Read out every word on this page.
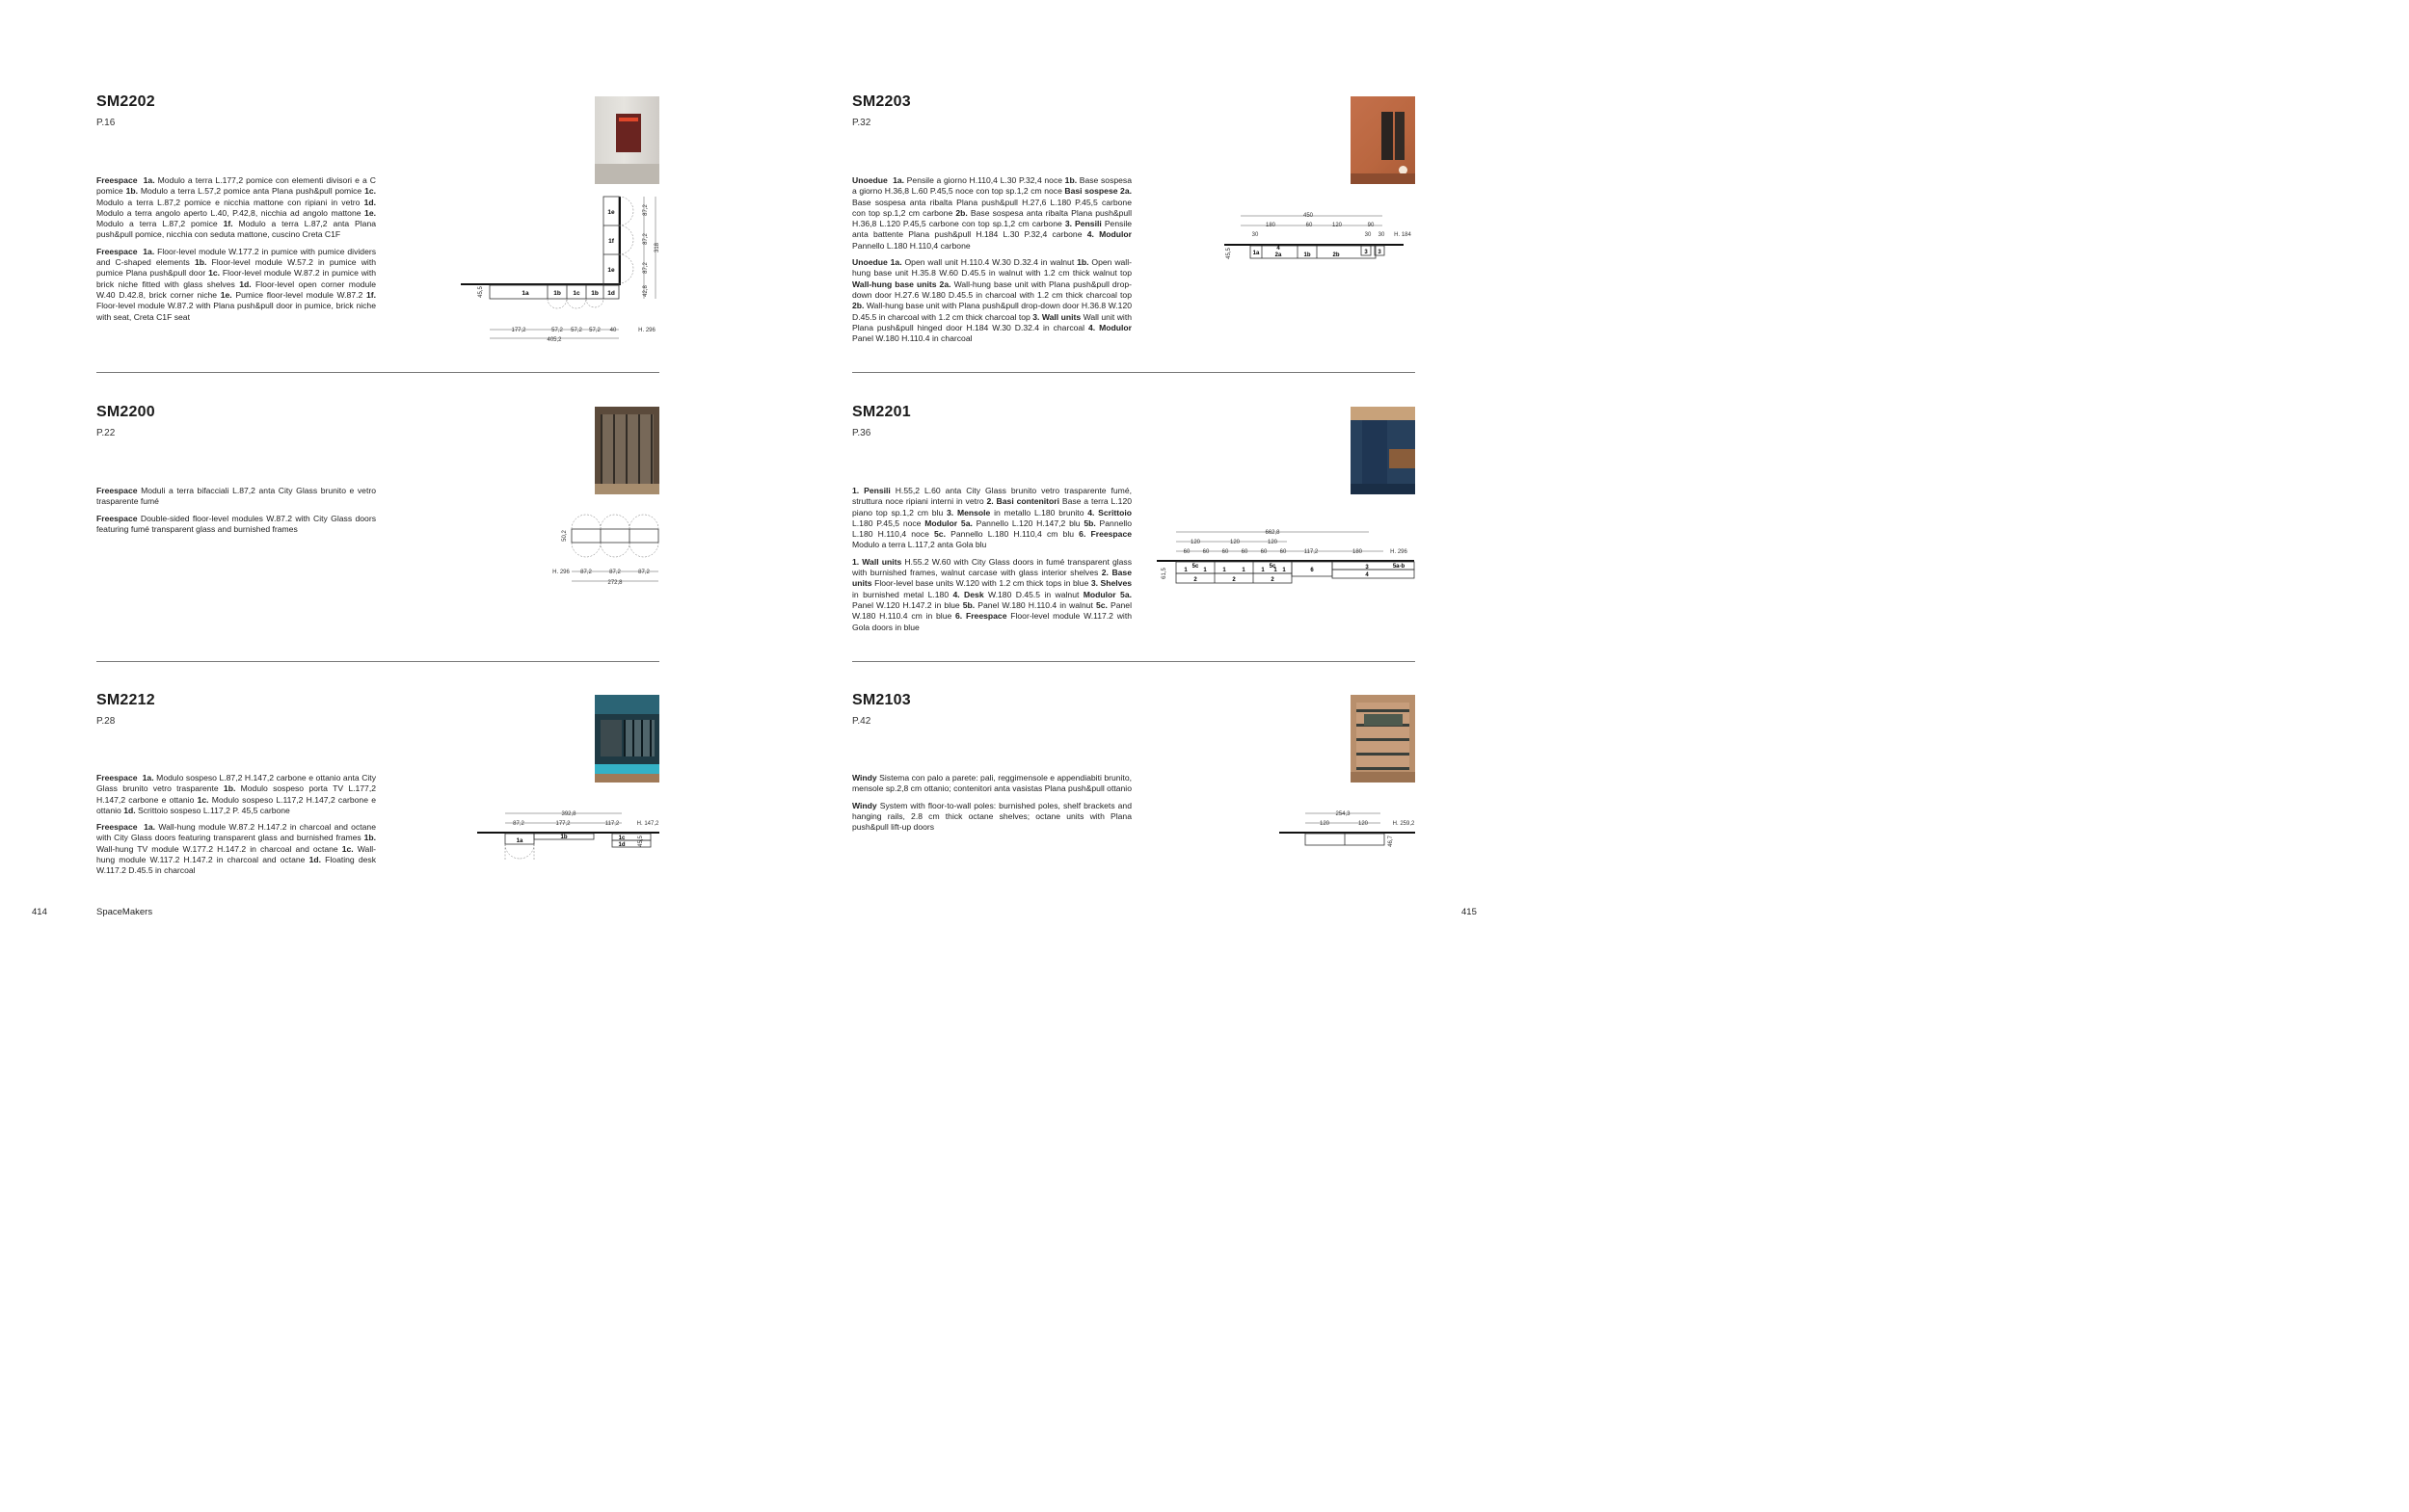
SM2202
P.16

Freespace 1a. Modulo a terra L.177,2 pomice con elementi divisori e a C pomice 1b. Modulo a terra L.57,2 pomice anta Plana push&pull pomice 1c. Modulo a terra L.87,2 pomice e nicchia mattone con ripiani in vetro 1d. Modulo a terra angolo aperto L.40, P.42,8, nicchia ad angolo mattone 1e. Modulo a terra L.87,2 pomice 1f. Modulo a terra L.87,2 anta Plana push&pull pomice, nicchia con seduta mattone, cuscino Creta C1F

Freespace 1a. Floor-level module W.177.2 in pumice with pumice dividers and C-shaped elements 1b. Floor-level module W.57.2 in pumice with pumice Plana push&pull door 1c. Floor-level module W.87.2 in pumice with brick niche fitted with glass shelves 1d. Floor-level open corner module W.40 D.42.8, brick corner niche 1e. Pumice floor-level module W.87.2 1f. Floor-level module W.87.2 with Plana push&pull door in pumice, brick niche with seat, Creta C1F seat

1a	1b 1c 1b 1d
1e
1f
1e
177,2	57,2 57,2 57,2 40
405,2
H. 296
45,5
87,2
87,2
87,2
42,8
318
SM2203
P.32

Unoedue 1a. Pensile a giorno H.110,4 L.30 P.32,4 noce 1b. Base sospesa a giorno H.36,8 L.60 P.45,5 noce con top sp.1,2 cm noce Basi sospese 2a. Base sospesa anta ribalta Plana push&pull H.27,6 L.180 P.45,5 carbone con top sp.1,2 cm carbone 2b. Base sospesa anta ribalta Plana push&pull H.36,8 L.120 P.45,5 carbone con top sp.1,2 cm carbone 3. Pensili Pensile anta battente Plana push&pull H.184 L.30 P.32,4 carbone 4. Modulor Pannello L.180 H.110,4 carbone

Unoedue 1a. Open wall unit H.110.4 W.30 D.32.4 in walnut 1b. Open wall-hung base unit H.35.8 W.60 D.45.5 in walnut with 1.2 cm thick walnut top Wall-hung base units 2a. Wall-hung base unit with Plana push&pull drop-down door H.27.6 W.180 D.45.5 in charcoal with 1.2 cm thick charcoal top 2b. Wall-hung base unit with Plana push&pull drop-down door H.36.8 W.120 D.45.5 in charcoal with 1.2 cm thick charcoal top 3. Wall units Wall unit with Plana push&pull hinged door H.184 W.30 D.32.4 in charcoal 4. Modulor Panel W.180 H.110.4 in charcoal

450
180	60	120	90
30	30 30 H. 184
1a
4
2a	1b	2b	3 3
45,5
SM2200
P.22

Freespace Moduli a terra bifacciali L.87,2 anta City Glass brunito e vetro trasparente fumé

Freespace Double-sided floor-level modules W.87.2 with City Glass doors featuring fumé transparent glass and burnished frames

50,2
H. 296 87,2	87,2	87,2
272,8
SM2201
P.36

1. Pensili H.55,2 L.60 anta City Glass brunito vetro trasparente fumé, struttura noce ripiani interni in vetro 2. Basi contenitori Base a terra L.120 piano top sp.1,2 cm blu 3. Mensole in metallo L.180 brunito 4. Scrittoio L.180 P.45,5 noce Modulor 5a. Pannello L.120 H.147,2 blu 5b. Pannello L.180 H.110,4 noce 5c. Pannello L.180 H.110,4 cm blu 6. Freespace Modulo a terra L.117,2 anta Gola blu

1. Wall units H.55.2 W.60 with City Glass doors in fumé transparent glass with burnished frames, walnut carcase with glass interior shelves 2. Base units Floor-level base units W.120 with 1.2 cm thick tops in blue 3. Shelves in burnished metal L.180 4. Desk W.180 D.45.5 in walnut Modulor 5a. Panel W.120 H.147.2 in blue 5b. Panel W.180 H.110.4 in walnut 5c. Panel W.180 H.110.4 cm in blue 6. Freespace Floor-level module W.117.2 with Gola doors in blue

662,8
120	120	120
60 60 60 60 60 60	117,2	180	H. 296
1
5c
1	1	1	1
5c
1 1	6	3
4
5a-b
2	2	2
61,5
SM2212
P.28

Freespace 1a. Modulo sospeso L.87,2 H.147,2 carbone e ottanio anta City Glass brunito vetro trasparente 1b. Modulo sospeso porta TV L.177,2 H.147,2 carbone e ottanio 1c. Modulo sospeso L.117,2 H.147,2 carbone e ottanio 1d. Scrittoio sospeso L.117,2 P. 45,5 carbone

Freespace 1a. Wall-hung module W.87.2 H.147.2 in charcoal and octane with City Glass doors featuring transparent glass and burnished frames 1b. Wall-hung TV module W.177.2 H.147.2 in charcoal and octane 1c. Wall-hung module W.117.2 H.147.2 in charcoal and octane 1d. Floating desk W.117.2 D.45.5 in charcoal

392,8
87,2	177,2	117,2	H. 147,2
1a
1b	1c
1d 45,5
SM2103
P.42

Windy Sistema con palo a parete: pali, reggimensole e appendiabiti brunito, mensole sp.2,8 cm ottanio; contenitori anta vasistas Plana push&pull ottanio

Windy System with floor-to-wall poles: burnished poles, shelf brackets and hanging rails, 2.8 cm thick octane shelves; octane units with Plana push&pull lift-up doors

254,3
120	120	H. 259,2
46,7
414	SpaceMakers	415
